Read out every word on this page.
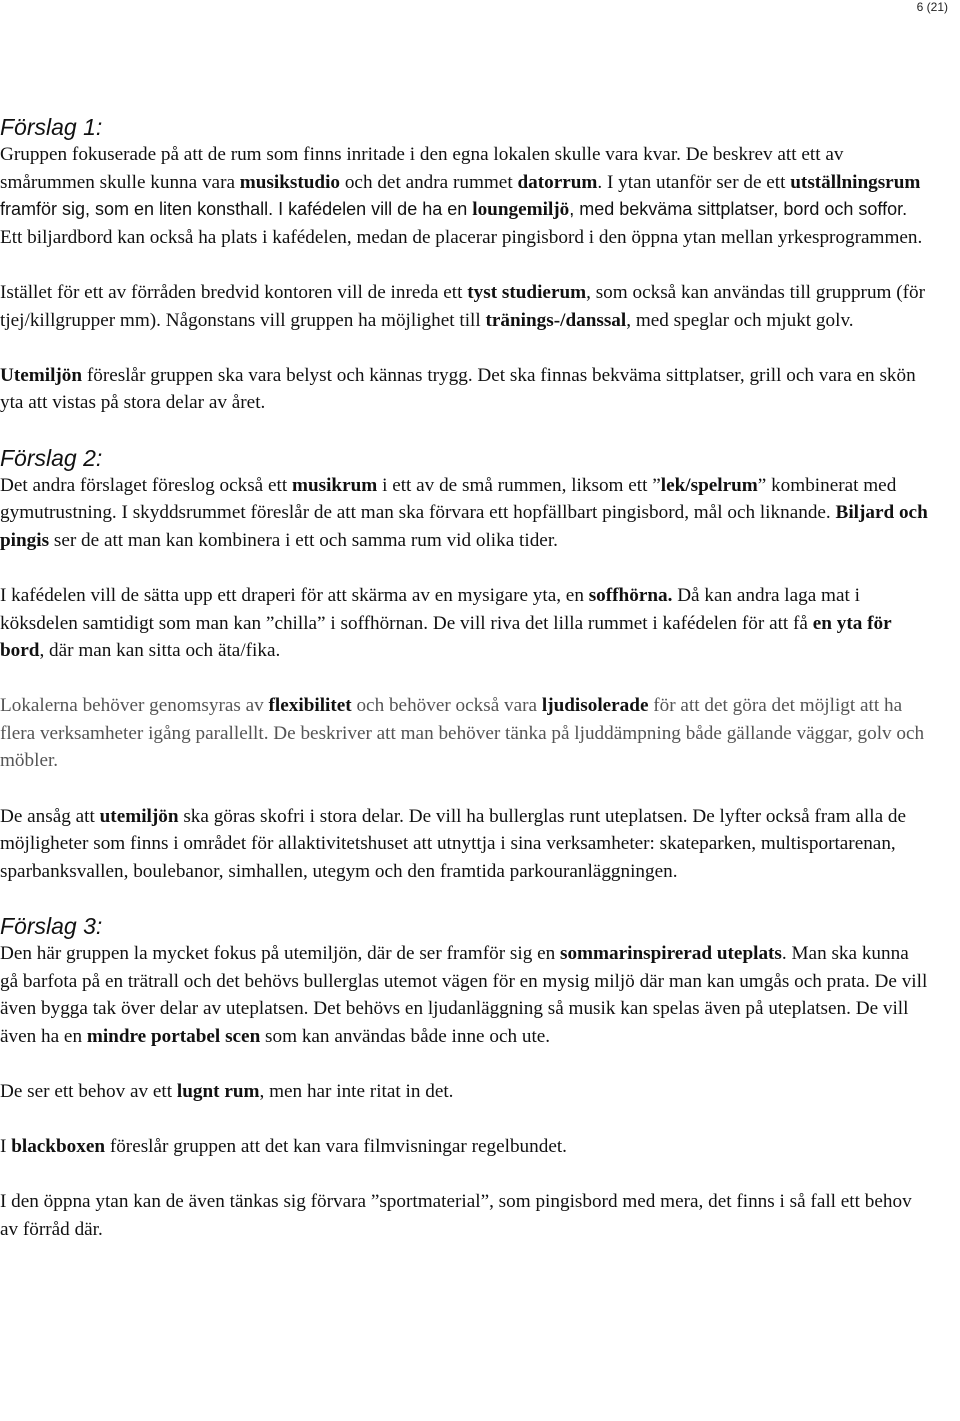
6 (21)
Förslag 1:

Gruppen fokuserade på att de rum som finns inritade i den egna lokalen skulle vara kvar. De beskrev att ett av smårummen skulle kunna vara musikstudio och det andra rummet datorrum. I ytan utanför ser de ett utställningsrum framför sig, som en liten konsthall. I kafédelen vill de ha en loungemiljö, med bekväma sittplatser, bord och soffor. Ett biljardbord kan också ha plats i kafédelen, medan de placerar pingisbord i den öppna ytan mellan yrkesprogrammen.

Istället för ett av förråden bredvid kontoren vill de inreda ett tyst studierum, som också kan användas till grupprum (för tjej/killgrupper mm). Någonstans vill gruppen ha möjlighet till tränings-/danssal, med speglar och mjukt golv.

Utemiljön föreslår gruppen ska vara belyst och kännas trygg. Det ska finnas bekväma sittplatser, grill och vara en skön yta att vistas på stora delar av året.

Förslag 2:

Det andra förslaget föreslog också ett musikrum i ett av de små rummen, liksom ett ”lek/spelrum” kombinerat med gymutrustning. I skyddsrummet föreslår de att man ska förvara ett hopfällbart pingisbord, mål och liknande. Biljard och pingis ser de att man kan kombinera i ett och samma rum vid olika tider.

I kafédelen vill de sätta upp ett draperi för att skärma av en mysigare yta, en soffhörna. Då kan andra laga mat i köksdelen samtidigt som man kan ”chilla” i soffhörnan. De vill riva det lilla rummet i kafédelen för att få en yta för bord, där man kan sitta och äta/fika.

Lokalerna behöver genomsyras av flexibilitet och behöver också vara ljudisolerade för att det göra det möjligt att ha flera verksamheter igång parallellt. De beskriver att man behöver tänka på ljuddämpning både gällande väggar, golv och möbler.

De ansåg att utemiljön ska göras skofri i stora delar. De vill ha bullerglas runt uteplatsen. De lyfter också fram alla de möjligheter som finns i området för allaktivitetshuset att utnyttja i sina verksamheter: skateparken, multisportarenan, sparbanksvallen, boulebanor, simhallen, utegym och den framtida parkouranläggningen.

Förslag 3:

Den här gruppen la mycket fokus på utemiljön, där de ser framför sig en sommarinspirerad uteplats. Man ska kunna gå barfota på en trätrall och det behövs bullerglas utemot vägen för en mysig miljö där man kan umgås och prata. De vill även bygga tak över delar av uteplatsen. Det behövs en ljudanläggning så musik kan spelas även på uteplatsen. De vill även ha en mindre portabel scen som kan användas både inne och ute.

De ser ett behov av ett lugnt rum, men har inte ritat in det.

I blackboxen föreslår gruppen att det kan vara filmvisningar regelbundet.

I den öppna ytan kan de även tänkas sig förvara ”sportmaterial”, som pingisbord med mera, det finns i så fall ett behov av förråd där.
